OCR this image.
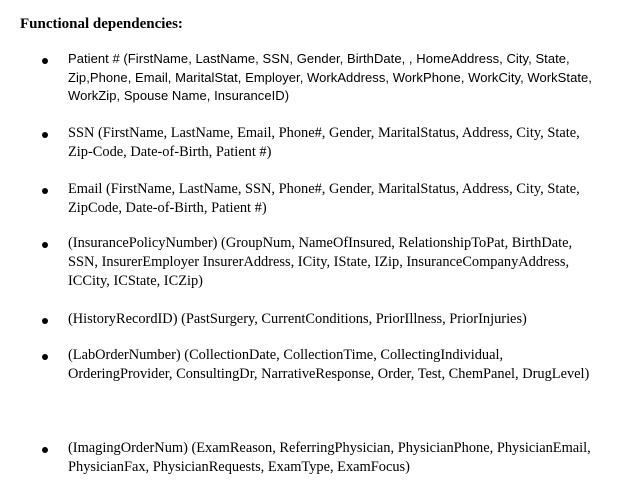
Functional dependencies:

Patient # (FirstName, LastName, SSN, Gender, BirthDate, , HomeAddress, City, State, Zip,Phone, Email, MaritalStat, Employer, WorkAddress, WorkPhone, WorkCity, WorkState, WorkZip, Spouse Name, InsuranceID)

SSN (FirstName, LastName, Email, Phone#, Gender, MaritalStatus, Address, City, State, Zip-Code, Date-of-Birth, Patient #)

Email (FirstName, LastName, SSN, Phone#, Gender, MaritalStatus, Address, City, State, ZipCode, Date-of-Birth, Patient #)

(InsurancePolicyNumber) (GroupNum, NameOfInsured, RelationshipToPat, BirthDate, SSN, InsurerEmployer InsurerAddress, ICity, IState, IZip, InsuranceCompanyAddress, ICCity, ICState, ICZip)

(HistoryRecordID) (PastSurgery, CurrentConditions, PriorIllness, PriorInjuries)

(LabOrderNumber) (CollectionDate, CollectionTime, CollectingIndividual, OrderingProvider, ConsultingDr, NarrativeResponse, Order, Test, ChemPanel, DrugLevel)

(ImagingOrderNum) (ExamReason, ReferringPhysician, PhysicianPhone, PhysicianEmail, PhysicianFax, PhysicianRequests, ExamType, ExamFocus)
